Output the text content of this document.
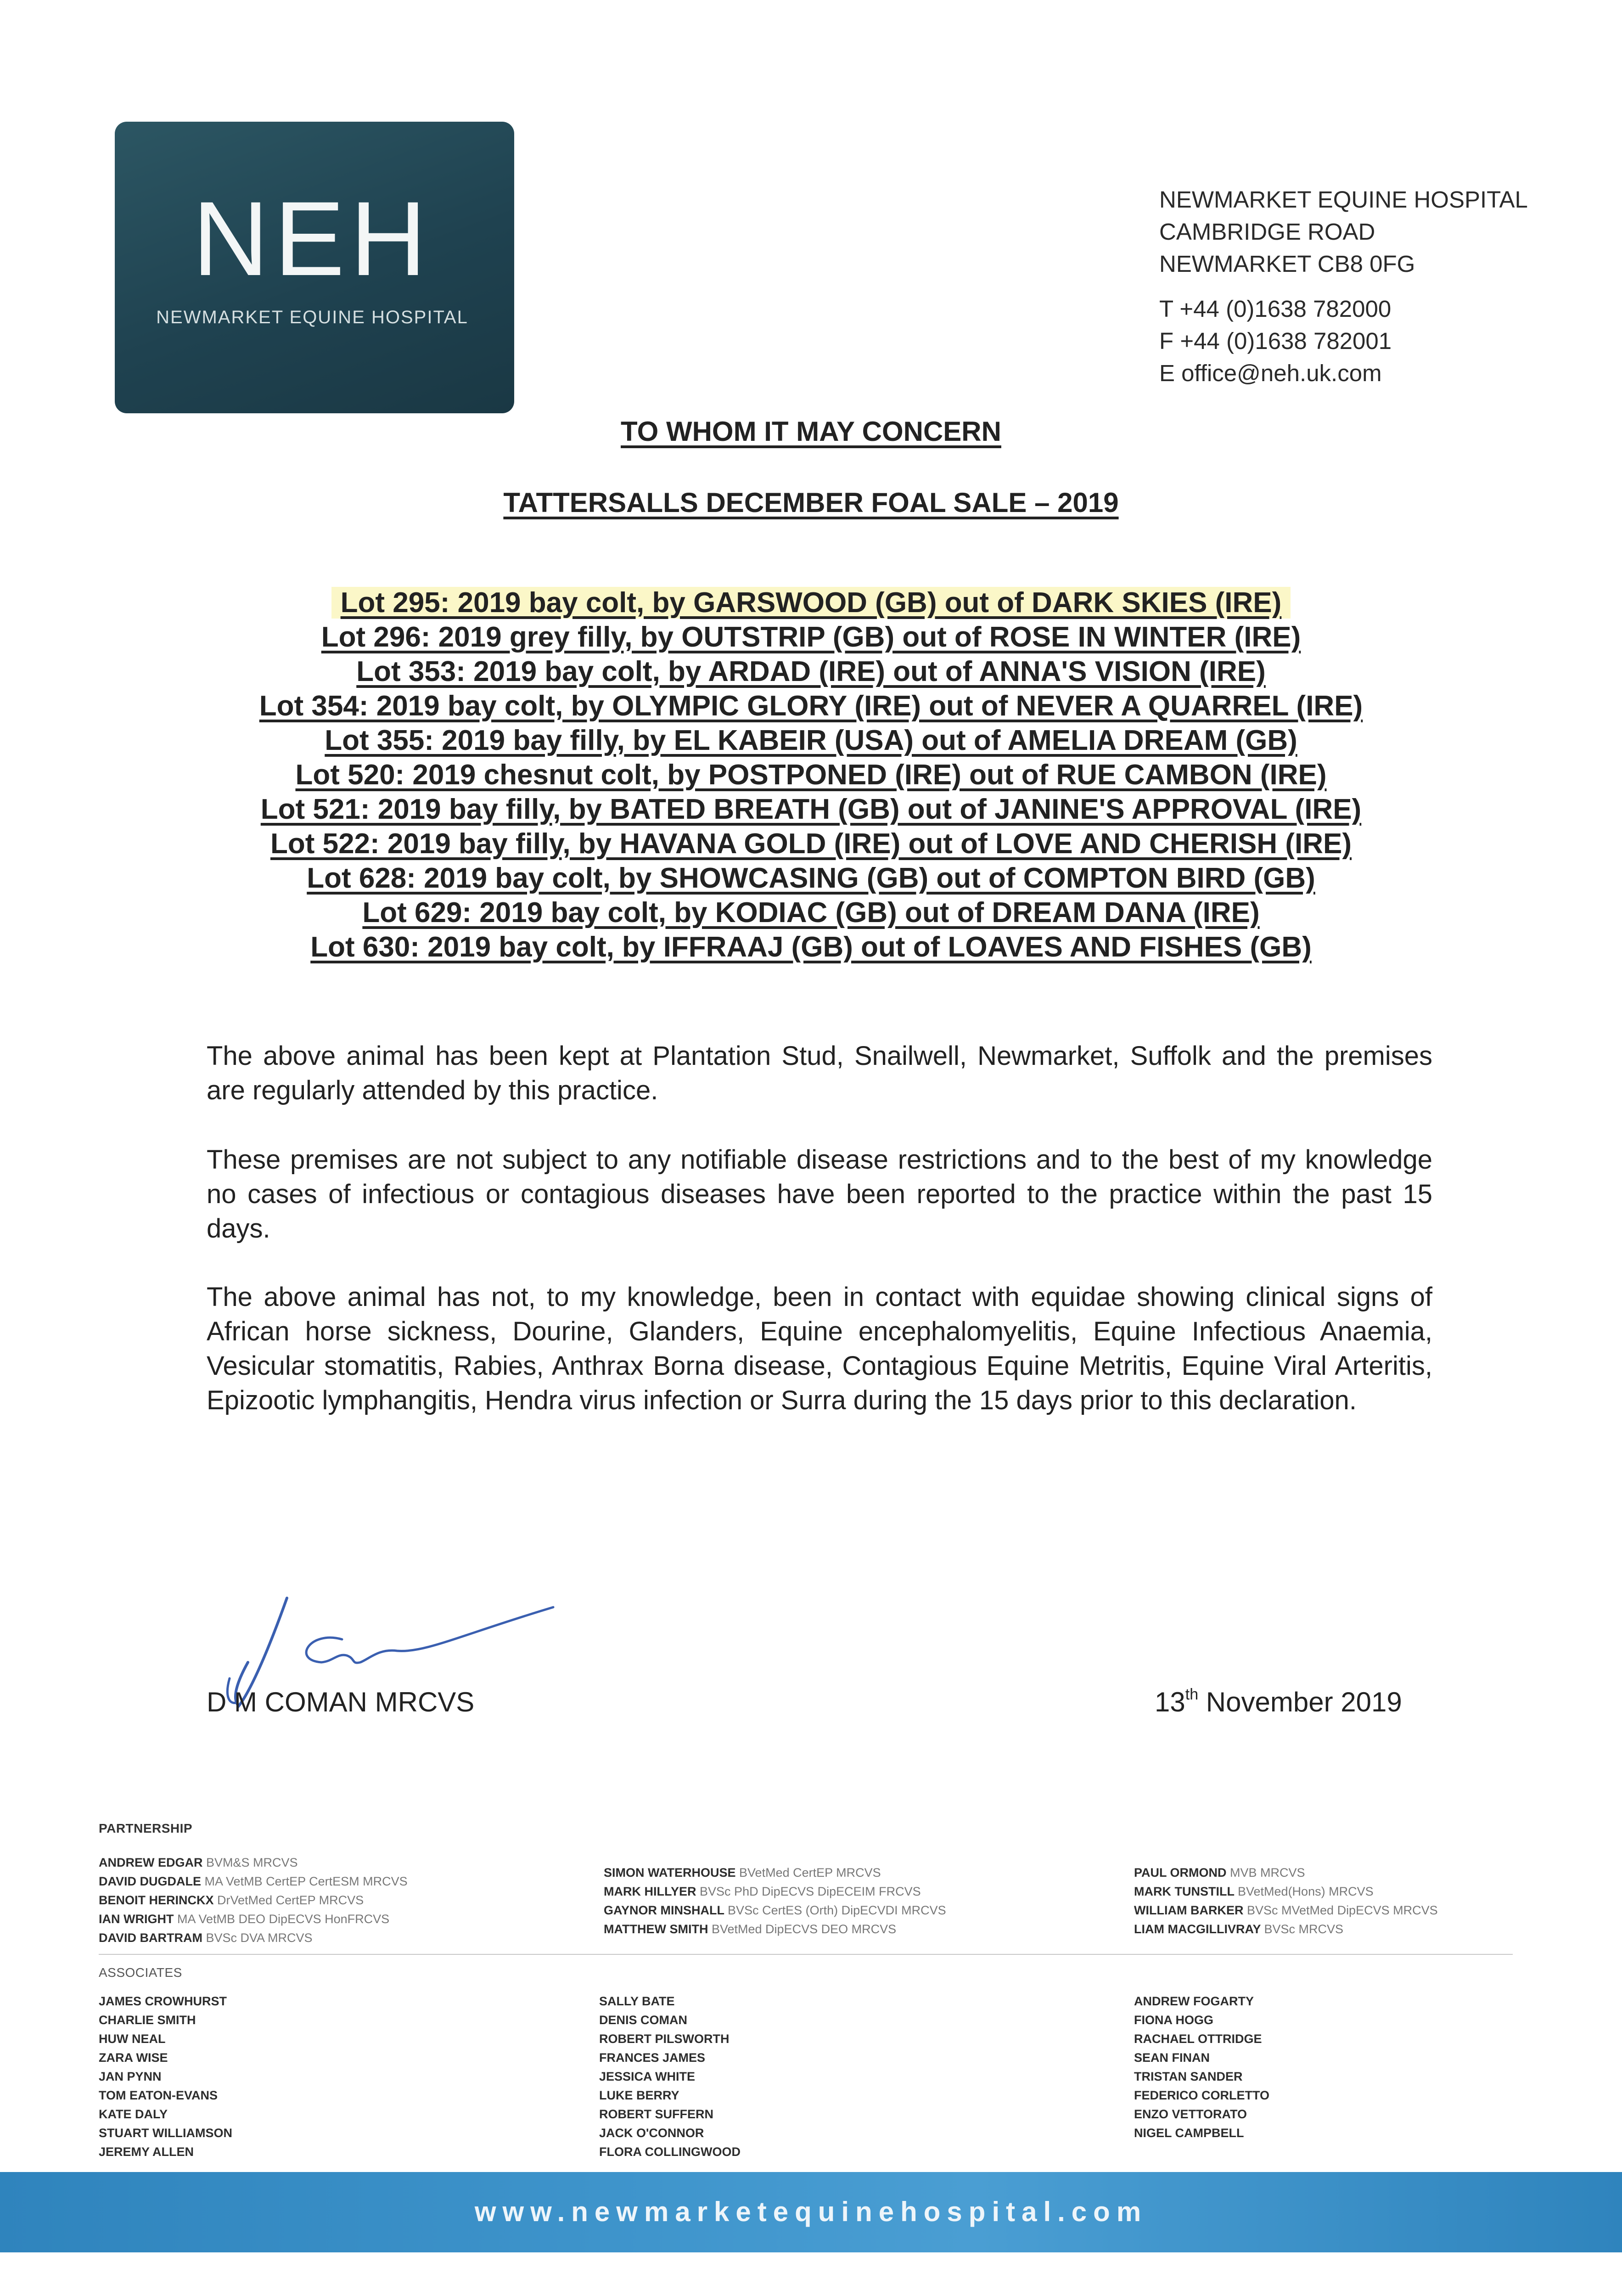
NEH
NEWMARKET EQUINE HOSPITAL
NEWMARKET EQUINE HOSPITAL
CAMBRIDGE ROAD
NEWMARKET CB8 0FG
T +44 (0)1638 782000
F +44 (0)1638 782001
E office@neh.uk.com
TO WHOM IT MAY CONCERN
TATTERSALLS DECEMBER FOAL SALE – 2019
Lot 295: 2019 bay colt, by GARSWOOD (GB) out of DARK SKIES (IRE)
Lot 296: 2019 grey filly, by OUTSTRIP (GB) out of ROSE IN WINTER (IRE)
Lot 353: 2019 bay colt, by ARDAD (IRE) out of ANNA'S VISION (IRE)
Lot 354: 2019 bay colt, by OLYMPIC GLORY (IRE) out of NEVER A QUARREL (IRE)
Lot 355: 2019 bay filly, by EL KABEIR (USA) out of AMELIA DREAM (GB)
Lot 520: 2019 chesnut colt, by POSTPONED (IRE) out of RUE CAMBON (IRE)
Lot 521: 2019 bay filly, by BATED BREATH (GB) out of JANINE'S APPROVAL (IRE)
Lot 522: 2019 bay filly, by HAVANA GOLD (IRE) out of LOVE AND CHERISH (IRE)
Lot 628: 2019 bay colt, by SHOWCASING (GB) out of COMPTON BIRD (GB)
Lot 629: 2019 bay colt, by KODIAC (GB) out of DREAM DANA (IRE)
Lot 630: 2019 bay colt, by IFFRAAJ (GB) out of LOAVES AND FISHES (GB)
The above animal has been kept at Plantation Stud, Snailwell, Newmarket, Suffolk and the premises are regularly attended by this practice.
These premises are not subject to any notifiable disease restrictions and to the best of my knowledge no cases of infectious or contagious diseases have been reported to the practice within the past 15 days.
The above animal has not, to my knowledge, been in contact with equidae showing clinical signs of African horse sickness, Dourine, Glanders, Equine encephalomyelitis, Equine Infectious Anaemia, Vesicular stomatitis, Rabies, Anthrax Borna disease, Contagious Equine Metritis, Equine Viral Arteritis, Epizootic lymphangitis, Hendra virus infection or Surra during the 15 days prior to this declaration.
D M COMAN MRCVS	13th November 2019
PARTNERSHIP
ANDREW EDGAR BVM&S MRCVS
DAVID DUGDALE MA VetMB CertEP CertESM MRCVS
BENOIT HERINCKX DrVetMed CertEP MRCVS
IAN WRIGHT MA VetMB DEO DipECVS HonFRCVS
DAVID BARTRAM BVSc DVA MRCVS
SIMON WATERHOUSE BVetMed CertEP MRCVS
MARK HILLYER BVSc PhD DipECVS DipECEIM FRCVS
GAYNOR MINSHALL BVSc CertES (Orth) DipECVDI MRCVS
MATTHEW SMITH BVetMed DipECVS DEO MRCVS
PAUL ORMOND MVB MRCVS
MARK TUNSTILL BVetMed(Hons) MRCVS
WILLIAM BARKER BVSc MVetMed DipECVS MRCVS
LIAM MACGILLIVRAY BVSc MRCVS
ASSOCIATES
JAMES CROWHURST
CHARLIE SMITH
HUW NEAL
ZARA WISE
JAN PYNN
TOM EATON-EVANS
KATE DALY
STUART WILLIAMSON
JEREMY ALLEN
SALLY BATE
DENIS COMAN
ROBERT PILSWORTH
FRANCES JAMES
JESSICA WHITE
LUKE BERRY
ROBERT SUFFERN
JACK O'CONNOR
FLORA COLLINGWOOD
ANDREW FOGARTY
FIONA HOGG
RACHAEL OTTRIDGE
SEAN FINAN
TRISTAN SANDER
FEDERICO CORLETTO
ENZO VETTORATO
NIGEL CAMPBELL
www.newmarketequinehospital.com
